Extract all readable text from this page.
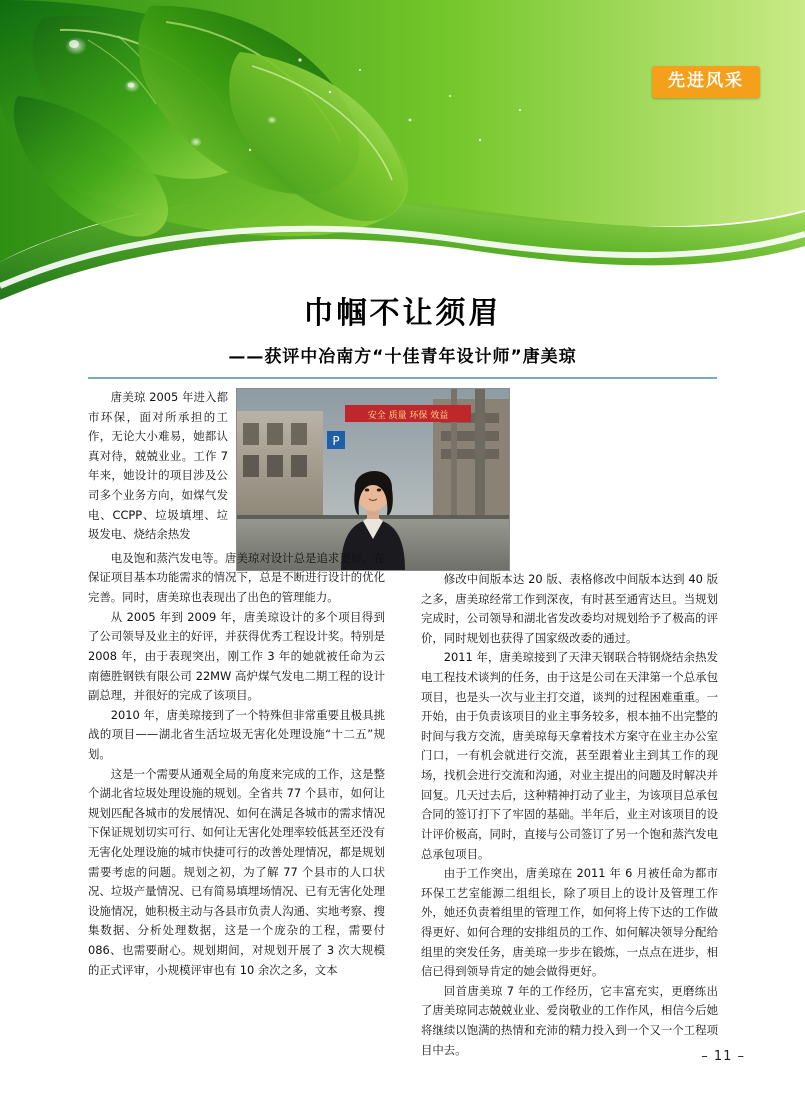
先进风采
巾帼不让须眉
——获评中冶南方“十佳青年设计师”唐美琼
安全 质量 环保 效益
P

唐美琼 2005 年进入都市环保，面对所承担的工作，无论大小难易，她都认真对待，兢兢业业。工作 7 年来，她设计的项目涉及公司多个业务方向，如煤气发电、CCPP、垃圾填埋、垃圾发电、烧结余热发

电及饱和蒸汽发电等。唐美琼对设计总是追求更好，在保证项目基本功能需求的情况下，总是不断进行设计的优化完善。同时，唐美琼也表现出了出色的管理能力。

从 2005 年到 2009 年，唐美琼设计的多个项目得到了公司领导及业主的好评，并获得优秀工程设计奖。特别是 2008 年，由于表现突出，刚工作 3 年的她就被任命为云南德胜钢铁有限公司 22MW 高炉煤气发电二期工程的设计副总理，并很好的完成了该项目。

2010 年，唐美琼接到了一个特殊但非常重要且极具挑战的项目——湖北省生活垃圾无害化处理设施“十二五”规划。

这是一个需要从通观全局的角度来完成的工作，这是整个湖北省垃圾处理设施的规划。全省共 77 个县市，如何让规划匹配各城市的发展情况、如何在满足各城市的需求情况下保证规划切实可行、如何让无害化处理率较低甚至还没有无害化处理设施的城市快捷可行的改善处理情况，都是规划需要考虑的问题。规划之初，为了解 77 个县市的人口状况、垃圾产量情况、已有简易填埋场情况、已有无害化处理设施情况，她积极主动与各县市负责人沟通、实地考察、搜集数据、分析处理数据，这是一个庞杂的工程，需要付086、也需要耐心。规划期间，对规划开展了 3 次大规模的正式评审，小规模评审也有 10 余次之多，文本

修改中间版本达 20 版、表格修改中间版本达到 40 版之多，唐美琼经常工作到深夜，有时甚至通宵达旦。当规划完成时，公司领导和湖北省发改委均对规划给予了极高的评价，同时规划也获得了国家级改委的通过。

2011 年，唐美琼接到了天津天钢联合特钢烧结余热发电工程技术谈判的任务，由于这是公司在天津第一个总承包项目，也是头一次与业主打交道，谈判的过程困难重重。一开始，由于负责该项目的业主事务较多，根本抽不出完整的时间与我方交流，唐美琼每天拿着技术方案守在业主办公室门口，一有机会就进行交流，甚至跟着业主到其工作的现场，找机会进行交流和沟通，对业主提出的问题及时解决并回复。几天过去后，这种精神打动了业主，为该项目总承包合同的签订打下了牢固的基础。半年后，业主对该项目的设计评价极高，同时，直接与公司签订了另一个饱和蒸汽发电总承包项目。

由于工作突出，唐美琼在 2011 年 6 月被任命为都市环保工艺室能源二组组长，除了项目上的设计及管理工作外，她还负责着组里的管理工作，如何将上传下达的工作做得更好、如何合理的安排组员的工作、如何解决领导分配给组里的突发任务，唐美琼一步步在锻炼，一点点在进步，相信已得到领导肯定的她会做得更好。

回首唐美琼 7 年的工作经历，它丰富充实，更磨练出了唐美琼同志兢兢业业、爱岗敬业的工作作风，相信今后她将继续以饱满的热情和充沛的精力投入到一个又一个工程项目中去。	– 11 –
